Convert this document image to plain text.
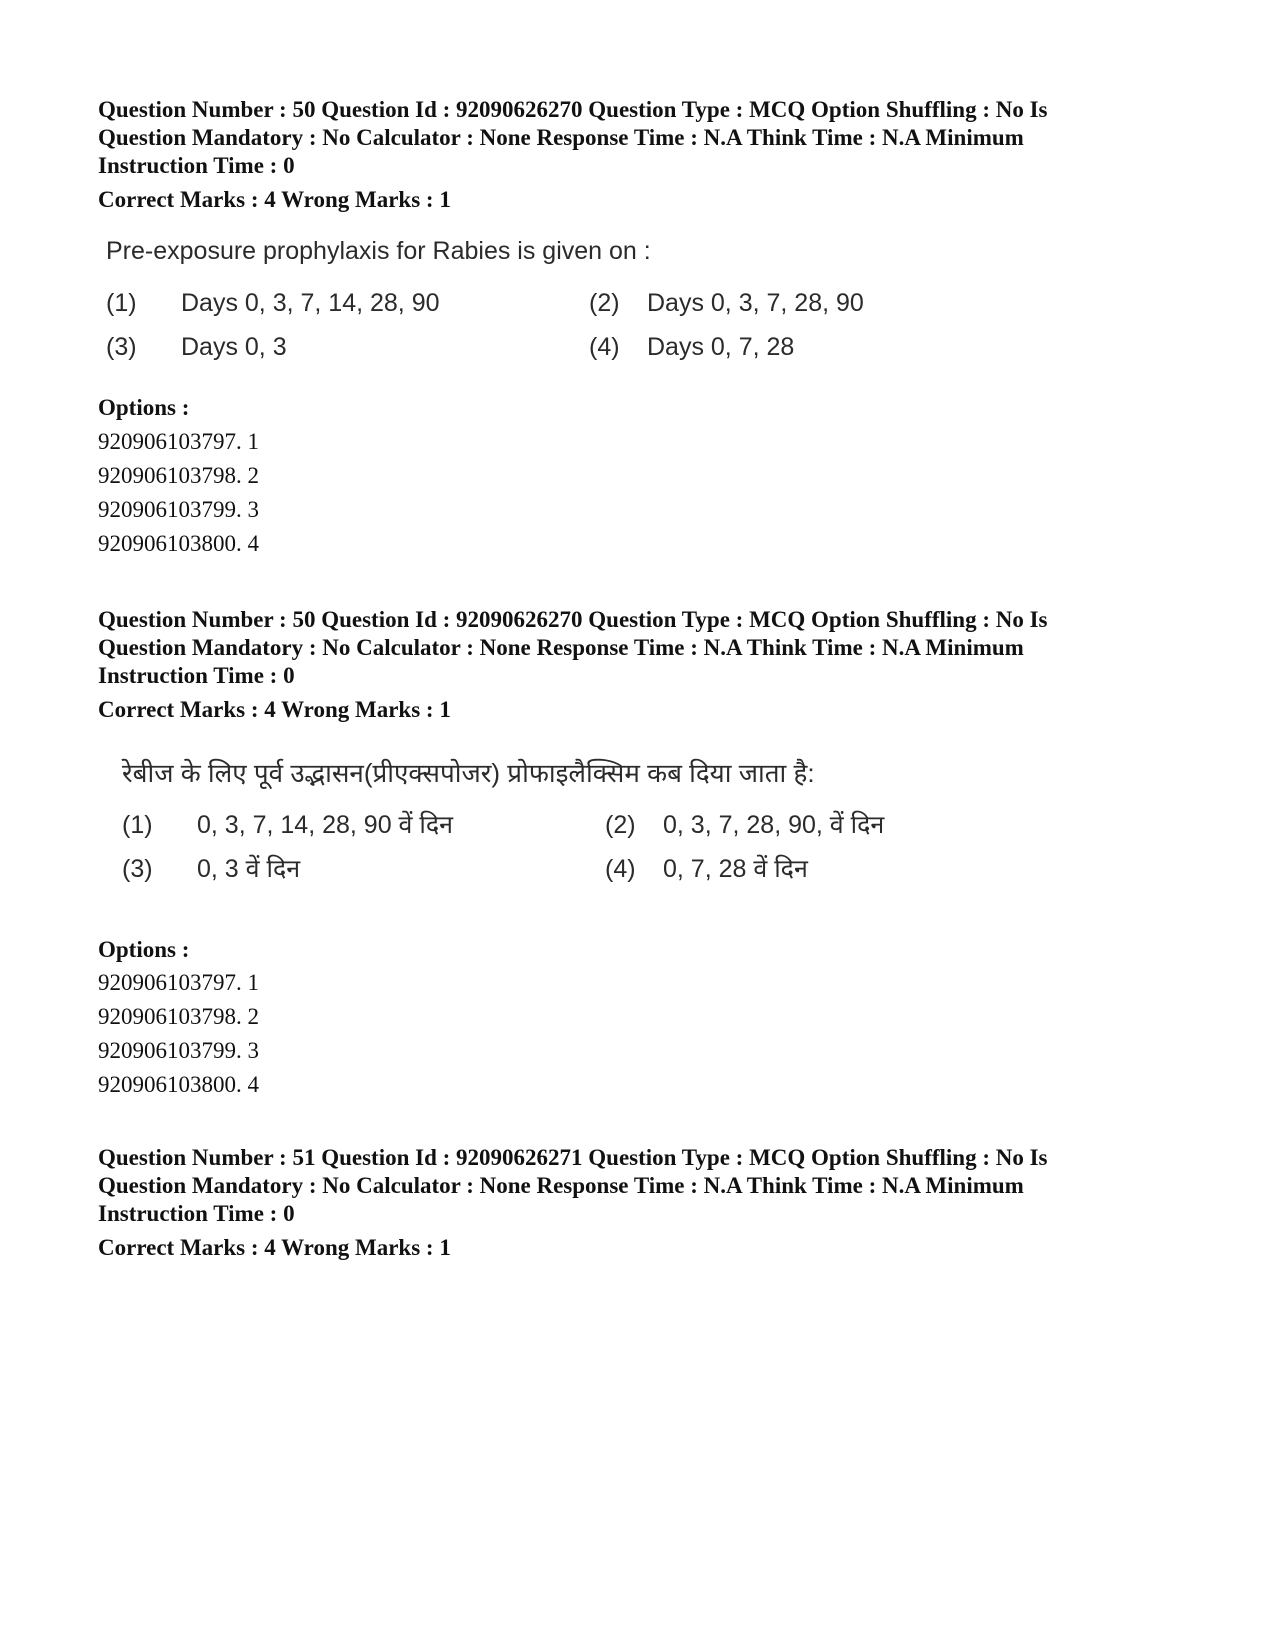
Question Number : 50 Question Id : 92090626270 Question Type : MCQ Option Shuffling : No Is

Question Mandatory : No Calculator : None Response Time : N.A Think Time : N.A Minimum

Instruction Time : 0

Correct Marks : 4 Wrong Marks : 1
Pre-exposure prophylaxis for Rabies is given on :
(1) Days 0, 3, 7, 14, 28, 90	(2) Days 0, 3, 7, 28, 90
(3) Days 0, 3	(4) Days 0, 7, 28
Options :
920906103797. 1
920906103798. 2
920906103799. 3
920906103800. 4

Question Number : 50 Question Id : 92090626270 Question Type : MCQ Option Shuffling : No Is

Question Mandatory : No Calculator : None Response Time : N.A Think Time : N.A Minimum

Instruction Time : 0

Correct Marks : 4 Wrong Marks : 1
रेबीज के लिए पूर्व उद्भासन(प्रीएक्सपोजर) प्रोफाइलैक्सिम कब दिया जाता है:
(1) 0, 3, 7, 14, 28, 90 वें दिन	(2) 0, 3, 7, 28, 90, वें दिन
(3) 0, 3 वें दिन	(4) 0, 7, 28 वें दिन
Options :
920906103797. 1
920906103798. 2
920906103799. 3
920906103800. 4

Question Number : 51 Question Id : 92090626271 Question Type : MCQ Option Shuffling : No Is

Question Mandatory : No Calculator : None Response Time : N.A Think Time : N.A Minimum

Instruction Time : 0

Correct Marks : 4 Wrong Marks : 1
